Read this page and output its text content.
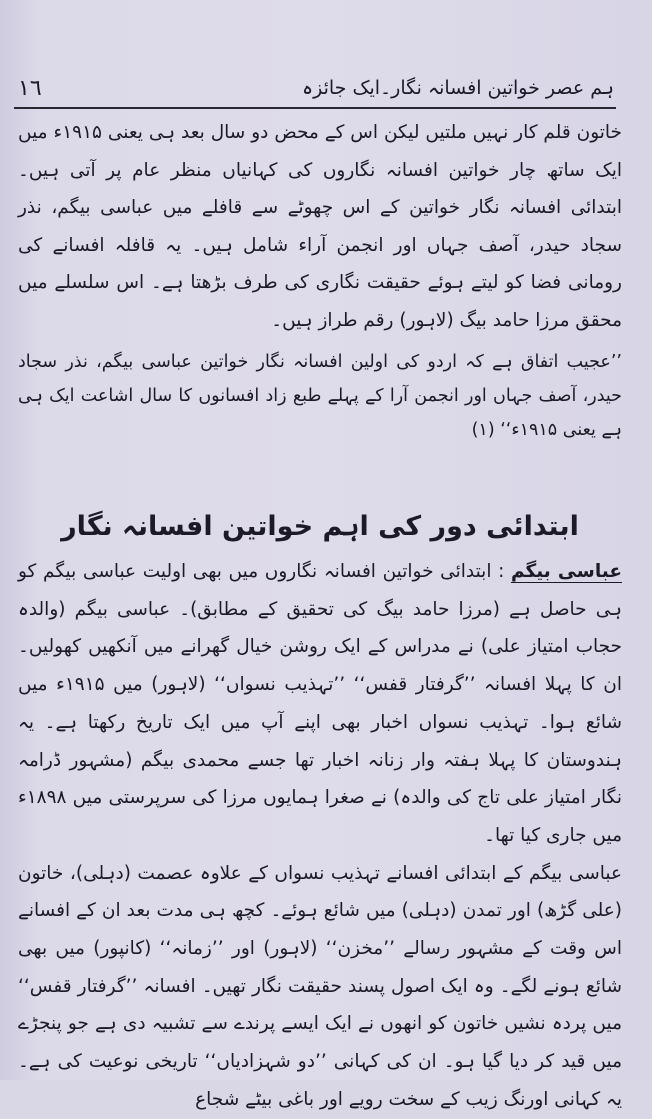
١٦	ہم عصر خواتین افسانہ نگار۔ایک جائزہ

خاتون قلم کار نہیں ملتیں لیکن اس کے محض دو سال بعد ہی یعنی ۱۹۱۵ء میں ایک ساتھ چار خواتین افسانہ نگاروں کی کہانیاں منظر عام پر آتی ہیں۔ ابتدائی افسانہ نگار خواتین کے اس چھوٹے سے قافلے میں عباسی بیگم، نذر سجاد حیدر، آصف جہاں اور انجمن آراء شامل ہیں۔ یہ قافلہ افسانے کی رومانی فضا کو لیتے ہوئے حقیقت نگاری کی طرف بڑھتا ہے۔ اس سلسلے میں محقق مرزا حامد بیگ (لاہور) رقم طراز ہیں۔

’’عجیب اتفاق ہے کہ اردو کی اولین افسانہ نگار خواتین عباسی بیگم، نذر سجاد حیدر، آصف جہاں اور انجمن آرا کے پہلے طبع زاد افسانوں کا سال اشاعت ایک ہی ہے یعنی ۱۹۱۵ء‘‘ (۱)

ابتدائی دور کی اہم خواتین افسانہ نگار

عباسی بیگم : ابتدائی خواتین افسانہ نگاروں میں بھی اولیت عباسی بیگم کو ہی حاصل ہے (مرزا حامد بیگ کی تحقیق کے مطابق)۔ عباسی بیگم (والدہ حجاب امتیاز علی) نے مدراس کے ایک روشن خیال گھرانے میں آنکھیں کھولیں۔ ان کا پہلا افسانہ ’’گرفتار قفس‘‘ ’’تہذیب نسواں‘‘ (لاہور) میں ۱۹۱۵ء میں شائع ہوا۔ تہذیب نسواں اخبار بھی اپنے آپ میں ایک تاریخ رکھتا ہے۔ یہ ہندوستان کا پہلا ہفتہ وار زنانہ اخبار تھا جسے محمدی بیگم (مشہور ڈرامہ نگار امتیاز علی تاج کی والدہ) نے صغرا ہمایوں مرزا کی سرپرستی میں ۱۸۹۸ء میں جاری کیا تھا۔

عباسی بیگم کے ابتدائی افسانے تہذیب نسواں کے علاوہ عصمت (دہلی)، خاتون (علی گڑھ) اور تمدن (دہلی) میں شائع ہوئے۔ کچھ ہی مدت بعد ان کے افسانے اس وقت کے مشہور رسالے ’’مخزن‘‘ (لاہور) اور ’’زمانہ‘‘ (کانپور) میں بھی شائع ہونے لگے۔ وہ ایک اصول پسند حقیقت نگار تھیں۔ افسانہ ’’گرفتار قفس‘‘ میں پردہ نشیں خاتون کو انھوں نے ایک ایسے پرندے سے تشبیہ دی ہے جو پنجڑے میں قید کر دیا گیا ہو۔ ان کی کہانی ’’دو شہزادیاں‘‘ تاریخی نوعیت کی ہے۔ یہ کہانی اورنگ زیب کے سخت رویے اور باغی بیٹے شجاع
